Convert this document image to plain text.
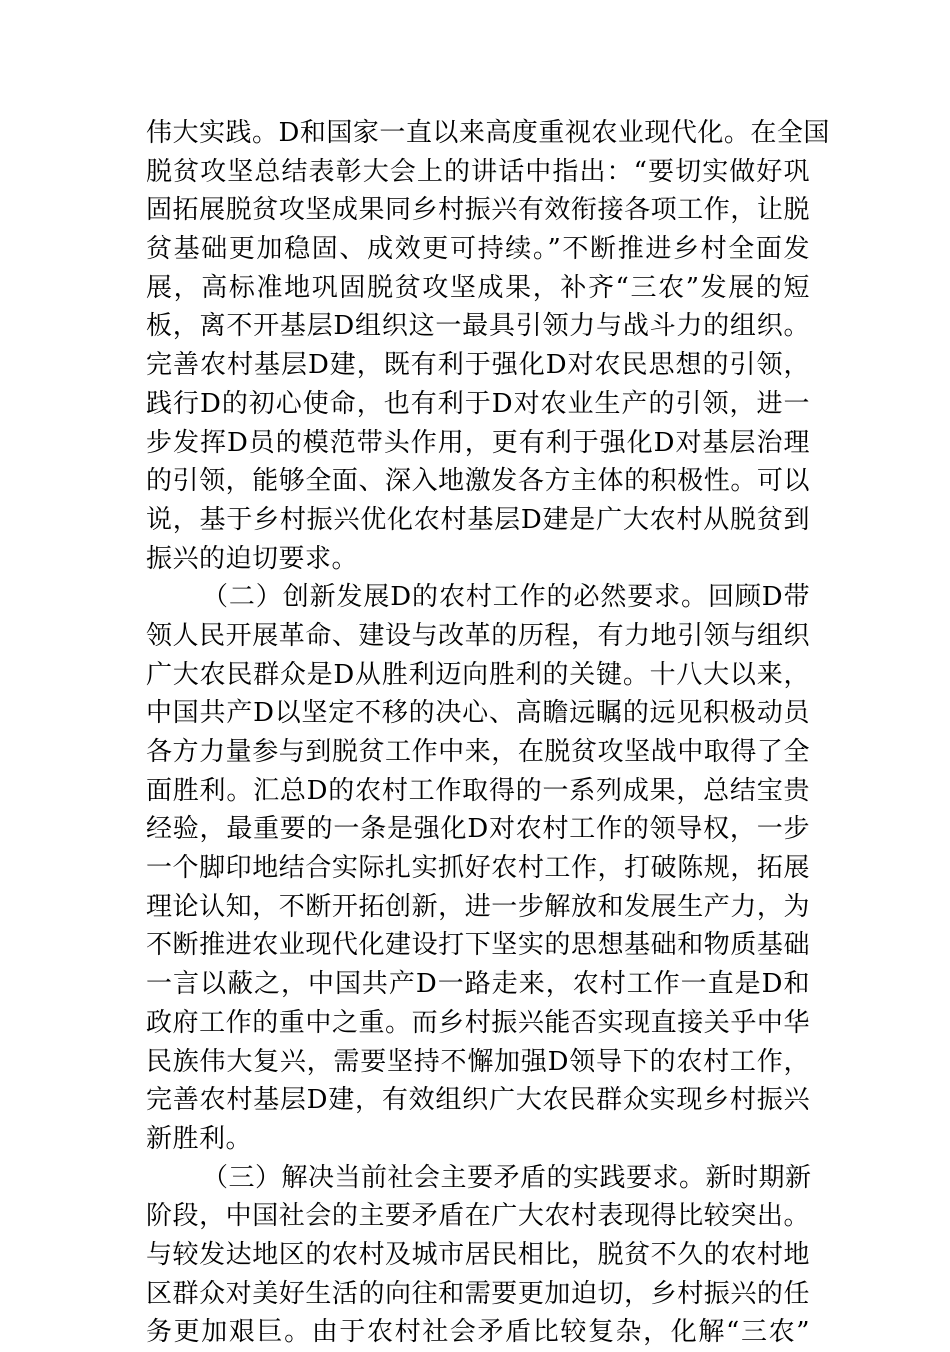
伟大实践。D和国家一直以来高度重视农业现代化。在全国
脱贫攻坚总结表彰大会上的讲话中指出：“要切实做好巩
固拓展脱贫攻坚成果同乡村振兴有效衔接各项工作，让脱
贫基础更加稳固、成效更可持续。”不断推进乡村全面发
展，高标准地巩固脱贫攻坚成果，补齐“三农”发展的短
板，离不开基层D组织这一最具引领力与战斗力的组织。
完善农村基层D建，既有利于强化D对农民思想的引领，
践行D的初心使命，也有利于D对农业生产的引领，进一
步发挥D员的模范带头作用，更有利于强化D对基层治理
的引领，能够全面、深入地激发各方主体的积极性。可以
说，基于乡村振兴优化农村基层D建是广大农村从脱贫到
振兴的迫切要求。
（二）创新发展D的农村工作的必然要求。回顾D带
领人民开展革命、建设与改革的历程，有力地引领与组织
广大农民群众是D从胜利迈向胜利的关键。十八大以来，
中国共产D以坚定不移的决心、高瞻远瞩的远见积极动员
各方力量参与到脱贫工作中来，在脱贫攻坚战中取得了全
面胜利。汇总D的农村工作取得的一系列成果，总结宝贵
经验，最重要的一条是强化D对农村工作的领导权，一步
一个脚印地结合实际扎实抓好农村工作，打破陈规，拓展
理论认知，不断开拓创新，进一步解放和发展生产力，为
不断推进农业现代化建设打下坚实的思想基础和物质基础
一言以蔽之，中国共产D一路走来，农村工作一直是D和
政府工作的重中之重。而乡村振兴能否实现直接关乎中华
民族伟大复兴，需要坚持不懈加强D领导下的农村工作，
完善农村基层D建，有效组织广大农民群众实现乡村振兴
新胜利。
（三）解决当前社会主要矛盾的实践要求。新时期新
阶段，中国社会的主要矛盾在广大农村表现得比较突出。
与较发达地区的农村及城市居民相比，脱贫不久的农村地
区群众对美好生活的向往和需要更加迫切，乡村振兴的任
务更加艰巨。由于农村社会矛盾比较复杂，化解“三农”
